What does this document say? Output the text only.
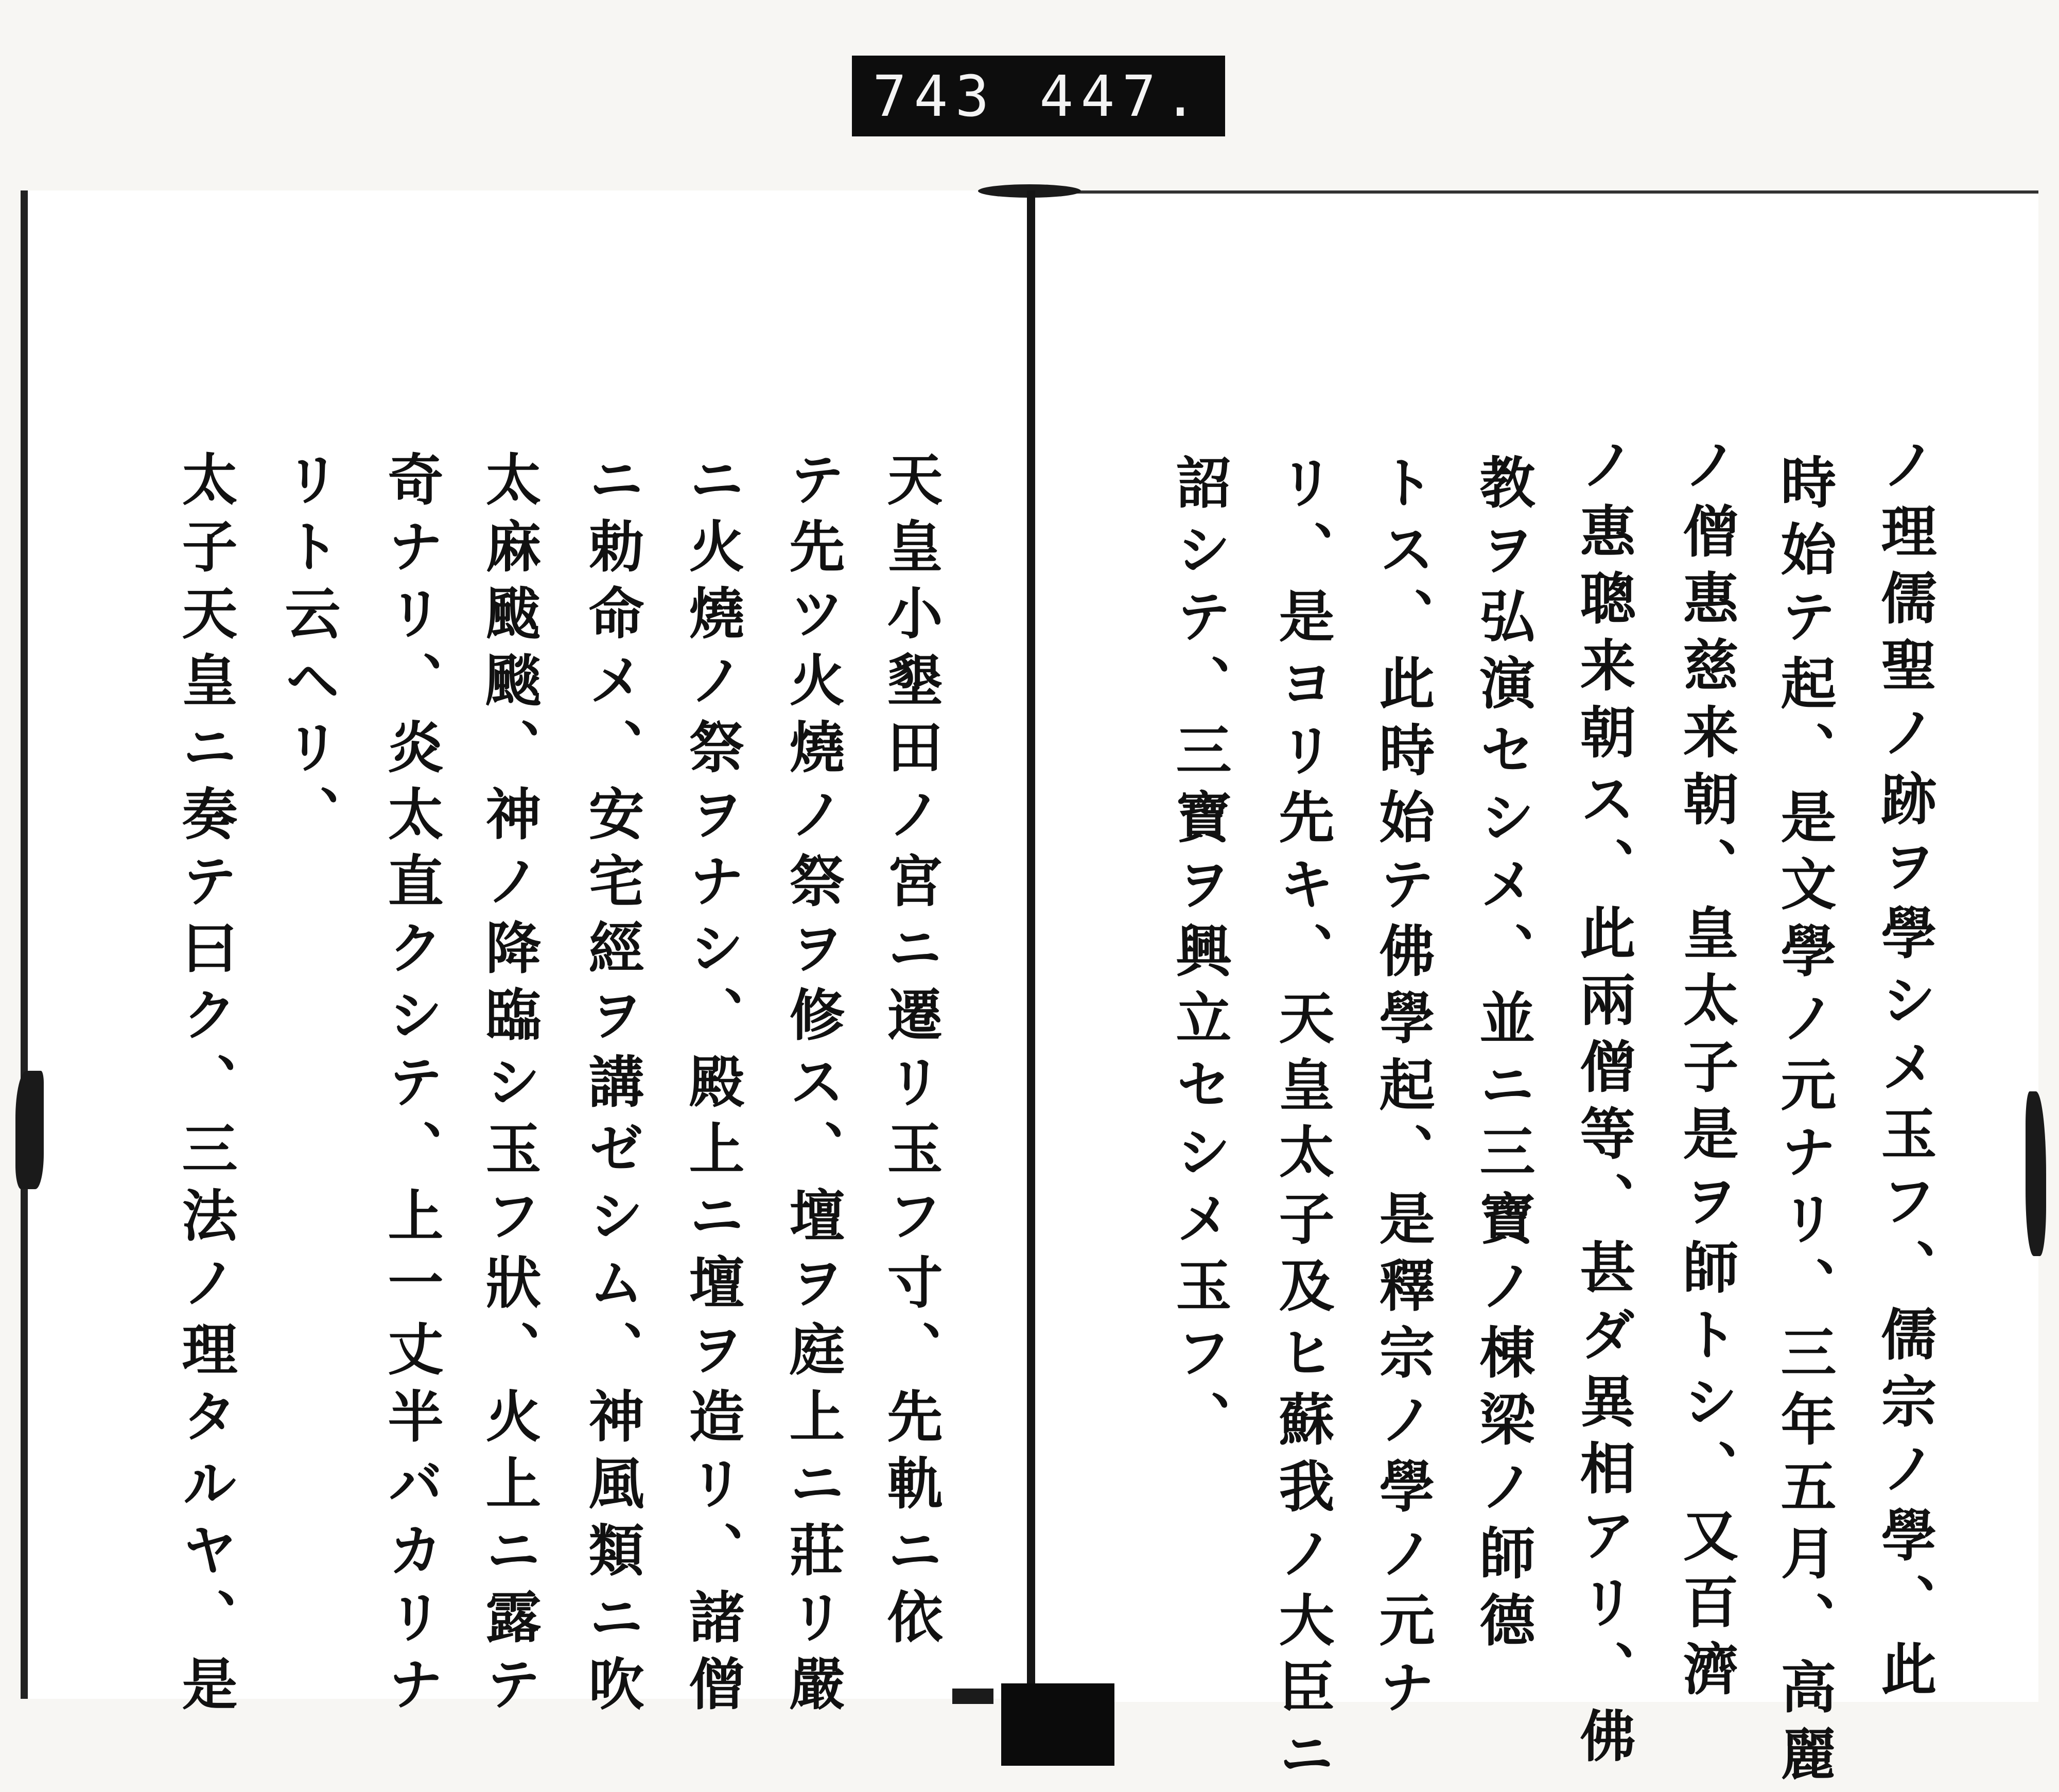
743 447.
天皇小墾田ノ宮ニ遷リ玉フ寸、先軌ニ依
テ先ツ火燒ノ祭ヲ修ス、壇ヲ庭上ニ莊リ嚴
ニ火燒ノ祭ヲナシ、殿上ニ壇ヲ造リ、諸僧
ニ勅命メ、安宅經ヲ講ゼシム、神風類ニ吹
太麻颰颷、神ノ降臨シ玉フ狀、火上ニ露テ
奇ナリ、炎太直クシテ、上一丈半バカリナ
リト云ヘリ、
太子天皇ニ奏テ曰ク、三法ノ理タルヤ、是	ノ理儒聖ノ跡ヲ學シメ玉フ、儒宗ノ學、此
時始テ起、是文學ノ元ナリ、三年五月、高麗
ノ僧惠慈来朝、皇太子是ヲ師トシ、又百濟
ノ惠聰来朝ス、此兩僧等、甚ダ異相アリ、佛
教ヲ弘演セシメ、並ニ三寶ノ棟梁ノ師德
トス、此時始テ佛學起、是釋宗ノ學ノ元ナ
リ、是ヨリ先キ、天皇太子及ヒ蘇我ノ大臣ニ
詔シテ、三寶ヲ興立セシメ玉フ、
